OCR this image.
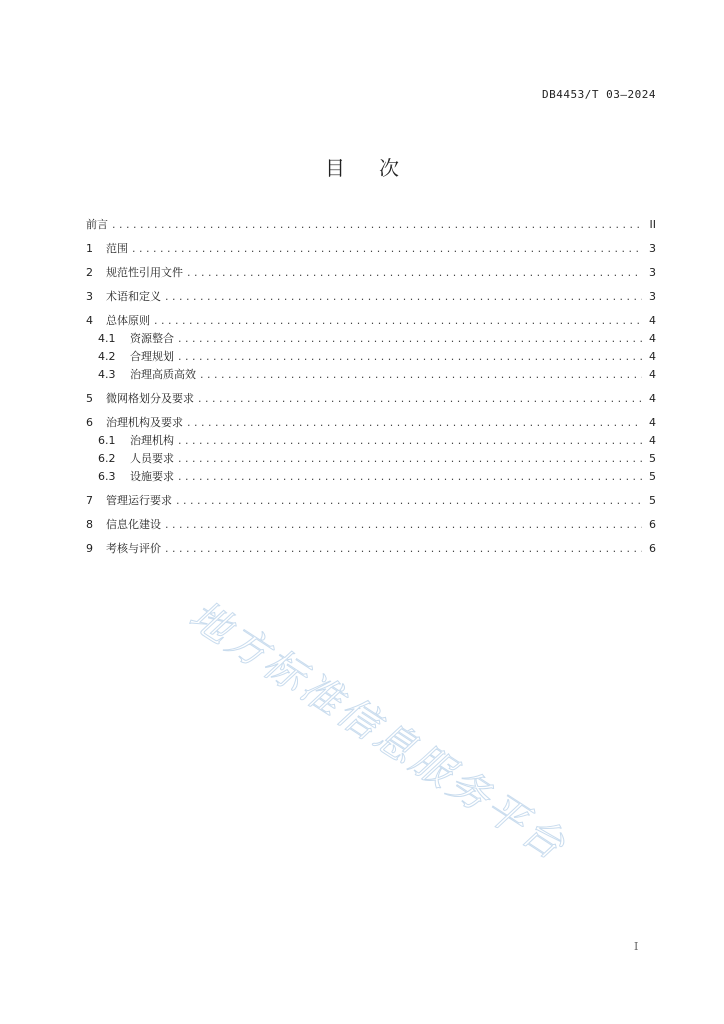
DB4453/T 03—2024
目 次
前言 . . .	II
1	范围 . . .	3
2	规范性引用文件 . . .	3
3	术语和定义 . . .	3
4	总体原则 . . .	4
4.1	资源整合 . . .	4
4.2	合理规划 . . .	4
4.3	治理高质高效 . . .	4
5	微网格划分及要求 . . .	4
6	治理机构及要求 . . .	4
6.1	治理机构 . . .	4
6.2	人员要求 . . .	5
6.3	设施要求 . . .	5
7	管理运行要求 . . .	5
8	信息化建设 . . .	6
9	考核与评价 . . .	6
地方标准信息服务平台
I
